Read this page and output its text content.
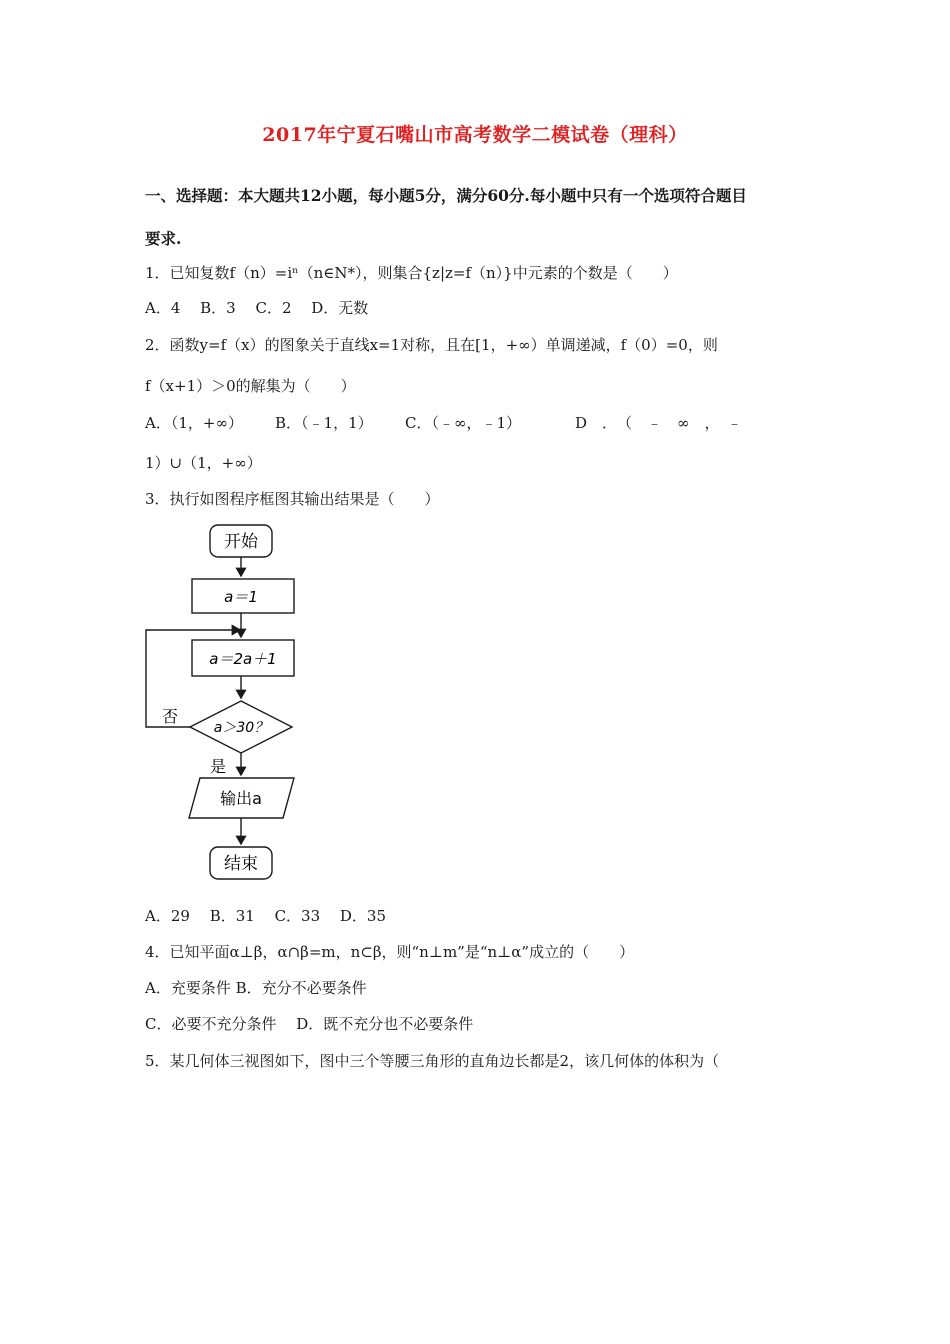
2017年宁夏石嘴山市高考数学二模试卷（理科）
一、选择题：本大题共12小题，每小题5分，满分60分.每小题中只有一个选项符合题目
要求.
1．已知复数f（n）=iⁿ（n∈N*），则集合{z|z=f（n）}中元素的个数是（　　）
A．4　 B．3　 C．2　 D．无数
2．函数y=f（x）的图象关于直线x=1对称，且在[1，+∞）单调递减，f（0）=0，则
f（x+1）＞0的解集为（　　）
A．（1，+∞） B．（﹣1，1） C．（﹣∞，﹣1）	D　．　（　﹣　∞　，　﹣
1）∪（1，+∞）
3．执行如图程序框图其输出结果是（　　）
开始
a＝1
a＝2a＋1
a＞30？
否
是
输出a
结束
A．29　 B．31　 C．33　 D．35
4．已知平面α⊥β，α∩β=m，n⊂β，则“n⊥m”是“n⊥α”成立的（　　）
A．充要条件 B．充分不必要条件
C．必要不充分条件　 D．既不充分也不必要条件
5．某几何体三视图如下，图中三个等腰三角形的直角边长都是2，该几何体的体积为（
